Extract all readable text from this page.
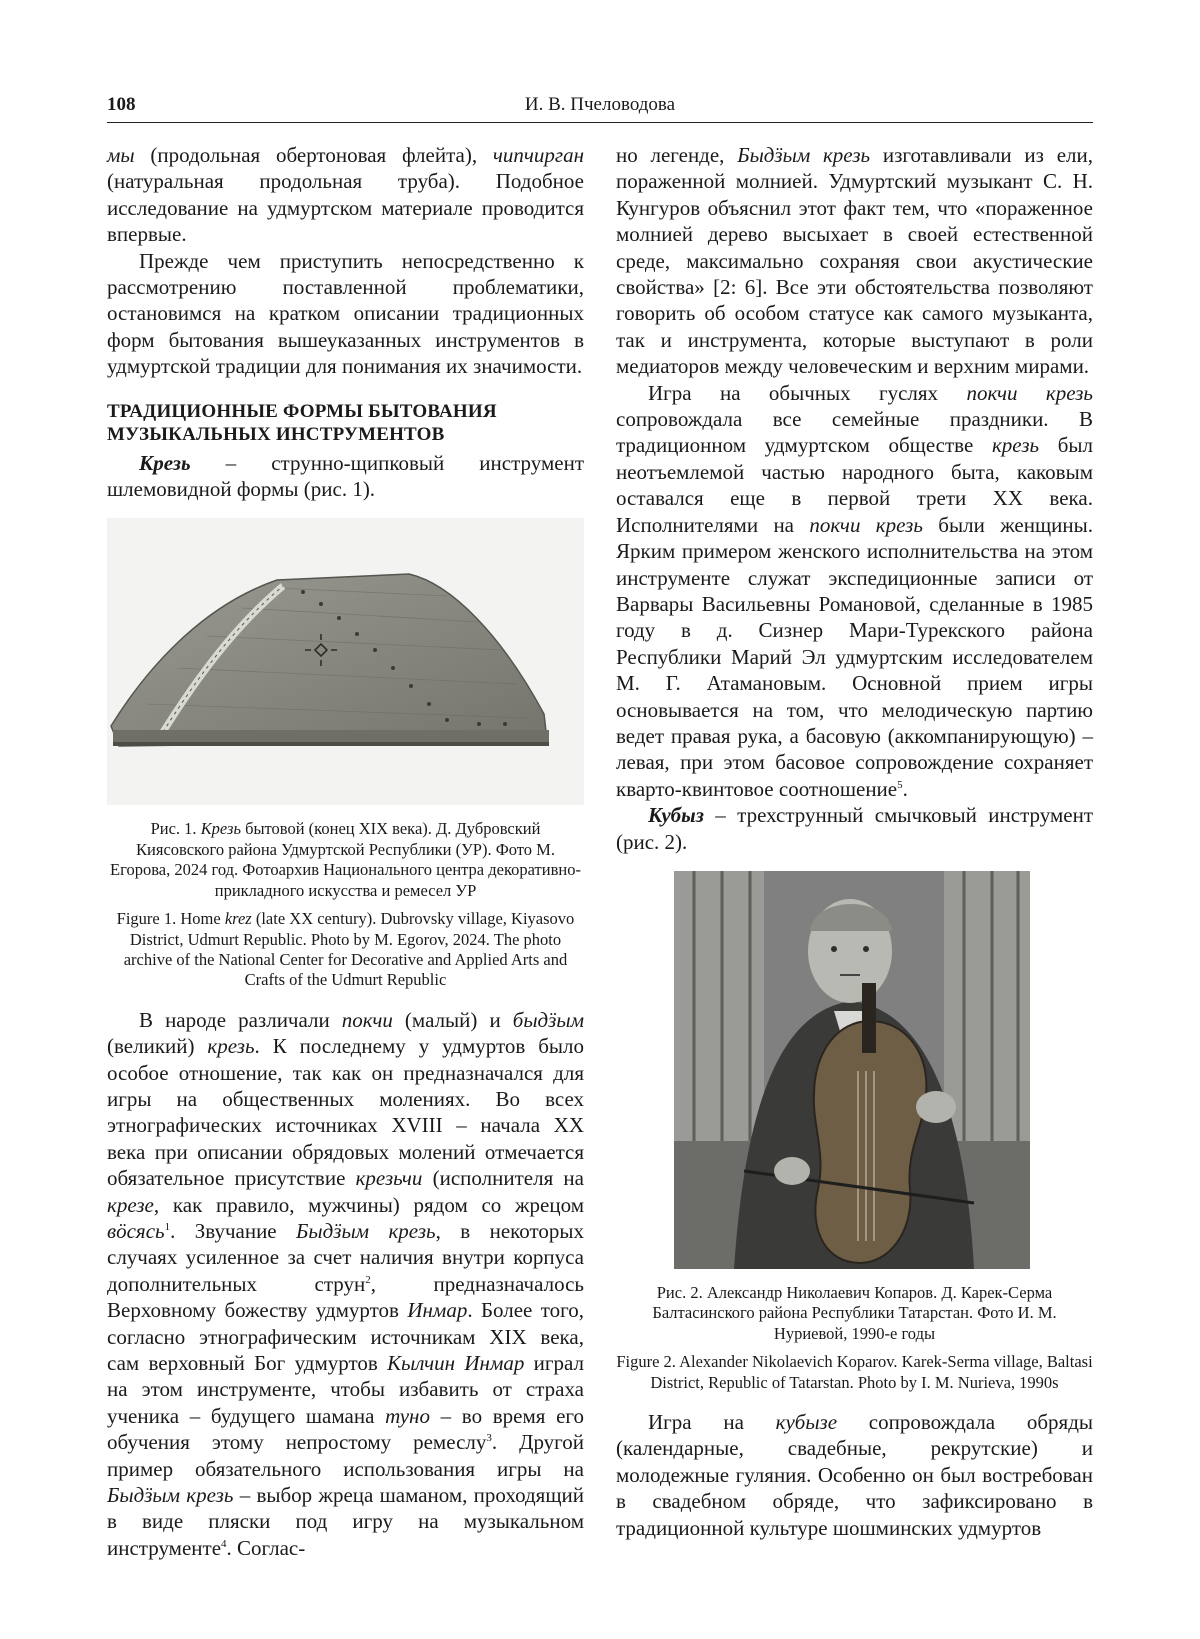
108	И. В. Пчеловодова

мы (продольная обертоновая флейта), чипчирган (натуральная продольная труба). Подобное исследование на удмуртском материале проводится впервые.

Прежде чем приступить непосредственно к рассмотрению поставленной проблематики, остановимся на кратком описании традиционных форм бытования вышеуказанных инструментов в удмуртской традиции для понимания их значимости.

ТРАДИЦИОННЫЕ ФОРМЫ БЫТОВАНИЯ МУЗЫКАЛЬНЫХ ИНСТРУМЕНТОВ

Крезь – струнно-щипковый инструмент шлемовидной формы (рис. 1).

Рис. 1. Крезь бытовой (конец XIX века). Д. Дубровский Киясовского района Удмуртской Республики (УР). Фото М. Егорова, 2024 год. Фотоархив Национального центра декоративно-прикладного искусства и ремесел УР

Figure 1. Home krez (late XX century). Dubrovsky village, Kiyasovo District, Udmurt Republic. Photo by M. Egorov, 2024. The photo archive of the National Center for Decorative and Applied Arts and Crafts of the Udmurt Republic

В народе различали покчи (малый) и быдӟым (великий) крезь. К последнему у удмуртов было особое отношение, так как он предназначался для игры на общественных молениях. Во всех этнографических источниках XVIII – начала XX века при описании обрядовых молений отмечается обязательное присутствие крезьчи (исполнителя на крезе, как правило, мужчины) рядом со жрецом вӧсясь$^1$. Звучание Быдӟым крезь, в некоторых случаях усиленное за счет наличия внутри корпуса дополнительных струн$^2$, предназначалось Верховному божеству удмуртов Инмар. Более того, согласно этнографическим источникам XIX века, сам верховный Бог удмуртов Кылчин Инмар играл на этом инструменте, чтобы избавить от страха ученика – будущего шамана туно – во время его обучения этому непростому ремеслу$^3$. Другой пример обязательного использования игры на Быдӟым крезь – выбор жреца шаманом, проходящий в виде пляски под игру на музыкальном инструменте$^4$. Соглас-

но легенде, Быдӟым крезь изготавливали из ели, пораженной молнией. Удмуртский музыкант С. Н. Кунгуров объяснил этот факт тем, что «пораженное молнией дерево высыхает в своей естественной среде, максимально сохраняя свои акустические свойства» [2: 6]. Все эти обстоятельства позволяют говорить об особом статусе как самого музыканта, так и инструмента, которые выступают в роли медиаторов между человеческим и верхним мирами.

Игра на обычных гуслях покчи крезь сопровождала все семейные праздники. В традиционном удмуртском обществе крезь был неотъемлемой частью народного быта, каковым оставался еще в первой трети XX века. Исполнителями на покчи крезь были женщины. Ярким примером женского исполнительства на этом инструменте служат экспедиционные записи от Варвары Васильевны Романовой, сделанные в 1985 году в д. Сизнер Мари-Турекского района Республики Марий Эл удмуртским исследователем М. Г. Атамановым. Основной прием игры основывается на том, что мелодическую партию ведет правая рука, а басовую (аккомпанирующую) – левая, при этом басовое сопровождение сохраняет кварто-квинтовое соотношение$^5$.

Кубыз – трехструнный смычковый инструмент (рис. 2).

Рис. 2. Александр Николаевич Копаров. Д. Карек-Серма Балтасинского района Республики Татарстан. Фото И. М. Нуриевой, 1990-е годы

Figure 2. Alexander Nikolaevich Koparov. Karek-Serma village, Baltasi District, Republic of Tatarstan. Photo by I. M. Nurieva, 1990s

Игра на кубызе сопровождала обряды (календарные, свадебные, рекрутские) и молодежные гуляния. Особенно он был востребован в свадебном обряде, что зафиксировано в традиционной культуре шошминских удмуртов
